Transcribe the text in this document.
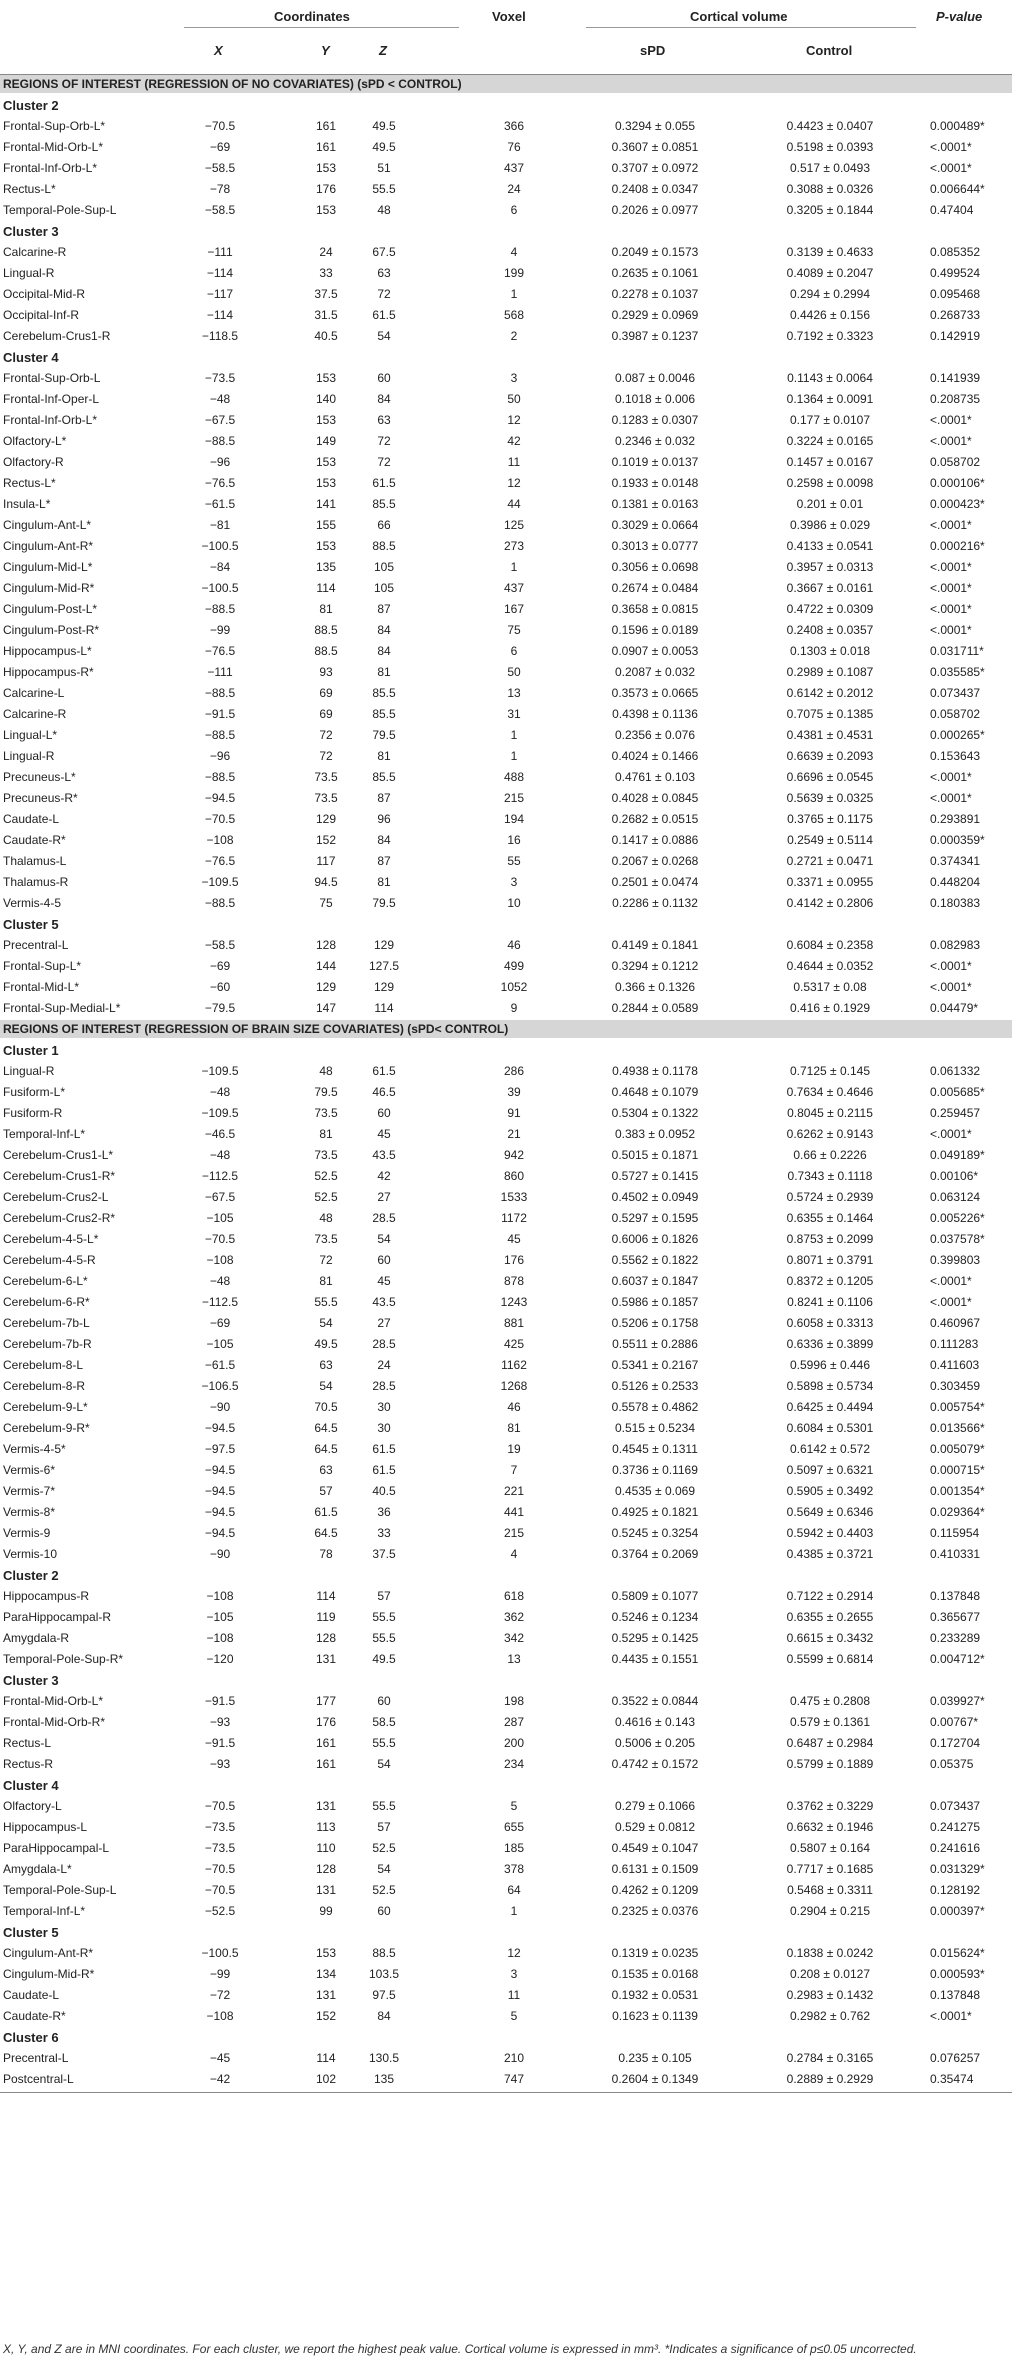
Coordinates	Voxel	Cortical volume	P-value
X	Y	Z	sPD	Control
REGIONS OF INTEREST (REGRESSION OF NO COVARIATES) (sPD < CONTROL)
Cluster 2
Frontal-Sup-Orb-L*	−70.5	161	49.5	366	0.3294 ± 0.055	0.4423 ± 0.0407	0.000489*
Frontal-Mid-Orb-L*	−69	161	49.5	76	0.3607 ± 0.0851	0.5198 ± 0.0393	<.0001*
Frontal-Inf-Orb-L*	−58.5	153	51	437	0.3707 ± 0.0972	0.517 ± 0.0493	<.0001*
Rectus-L*	−78	176	55.5	24	0.2408 ± 0.0347	0.3088 ± 0.0326	0.006644*
Temporal-Pole-Sup-L	−58.5	153	48	6	0.2026 ± 0.0977	0.3205 ± 0.1844	0.47404
Cluster 3
Calcarine-R	−111	24	67.5	4	0.2049 ± 0.1573	0.3139 ± 0.4633	0.085352
Lingual-R	−114	33	63	199	0.2635 ± 0.1061	0.4089 ± 0.2047	0.499524
Occipital-Mid-R	−117	37.5	72	1	0.2278 ± 0.1037	0.294 ± 0.2994	0.095468
Occipital-Inf-R	−114	31.5	61.5	568	0.2929 ± 0.0969	0.4426 ± 0.156	0.268733
Cerebelum-Crus1-R	−118.5	40.5	54	2	0.3987 ± 0.1237	0.7192 ± 0.3323	0.142919
Cluster 4
Frontal-Sup-Orb-L	−73.5	153	60	3	0.087 ± 0.0046	0.1143 ± 0.0064	0.141939
Frontal-Inf-Oper-L	−48	140	84	50	0.1018 ± 0.006	0.1364 ± 0.0091	0.208735
Frontal-Inf-Orb-L*	−67.5	153	63	12	0.1283 ± 0.0307	0.177 ± 0.0107	<.0001*
Olfactory-L*	−88.5	149	72	42	0.2346 ± 0.032	0.3224 ± 0.0165	<.0001*
Olfactory-R	−96	153	72	11	0.1019 ± 0.0137	0.1457 ± 0.0167	0.058702
Rectus-L*	−76.5	153	61.5	12	0.1933 ± 0.0148	0.2598 ± 0.0098	0.000106*
Insula-L*	−61.5	141	85.5	44	0.1381 ± 0.0163	0.201 ± 0.01	0.000423*
Cingulum-Ant-L*	−81	155	66	125	0.3029 ± 0.0664	0.3986 ± 0.029	<.0001*
Cingulum-Ant-R*	−100.5	153	88.5	273	0.3013 ± 0.0777	0.4133 ± 0.0541	0.000216*
Cingulum-Mid-L*	−84	135	105	1	0.3056 ± 0.0698	0.3957 ± 0.0313	<.0001*
Cingulum-Mid-R*	−100.5	114	105	437	0.2674 ± 0.0484	0.3667 ± 0.0161	<.0001*
Cingulum-Post-L*	−88.5	81	87	167	0.3658 ± 0.0815	0.4722 ± 0.0309	<.0001*
Cingulum-Post-R*	−99	88.5	84	75	0.1596 ± 0.0189	0.2408 ± 0.0357	<.0001*
Hippocampus-L*	−76.5	88.5	84	6	0.0907 ± 0.0053	0.1303 ± 0.018	0.031711*
Hippocampus-R*	−111	93	81	50	0.2087 ± 0.032	0.2989 ± 0.1087	0.035585*
Calcarine-L	−88.5	69	85.5	13	0.3573 ± 0.0665	0.6142 ± 0.2012	0.073437
Calcarine-R	−91.5	69	85.5	31	0.4398 ± 0.1136	0.7075 ± 0.1385	0.058702
Lingual-L*	−88.5	72	79.5	1	0.2356 ± 0.076	0.4381 ± 0.4531	0.000265*
Lingual-R	−96	72	81	1	0.4024 ± 0.1466	0.6639 ± 0.2093	0.153643
Precuneus-L*	−88.5	73.5	85.5	488	0.4761 ± 0.103	0.6696 ± 0.0545	<.0001*
Precuneus-R*	−94.5	73.5	87	215	0.4028 ± 0.0845	0.5639 ± 0.0325	<.0001*
Caudate-L	−70.5	129	96	194	0.2682 ± 0.0515	0.3765 ± 0.1175	0.293891
Caudate-R*	−108	152	84	16	0.1417 ± 0.0886	0.2549 ± 0.5114	0.000359*
Thalamus-L	−76.5	117	87	55	0.2067 ± 0.0268	0.2721 ± 0.0471	0.374341
Thalamus-R	−109.5	94.5	81	3	0.2501 ± 0.0474	0.3371 ± 0.0955	0.448204
Vermis-4-5	−88.5	75	79.5	10	0.2286 ± 0.1132	0.4142 ± 0.2806	0.180383
Cluster 5
Precentral-L	−58.5	128	129	46	0.4149 ± 0.1841	0.6084 ± 0.2358	0.082983
Frontal-Sup-L*	−69	144	127.5	499	0.3294 ± 0.1212	0.4644 ± 0.0352	<.0001*
Frontal-Mid-L*	−60	129	129	1052	0.366 ± 0.1326	0.5317 ± 0.08	<.0001*
Frontal-Sup-Medial-L*	−79.5	147	114	9	0.2844 ± 0.0589	0.416 ± 0.1929	0.04479*
REGIONS OF INTEREST (REGRESSION OF BRAIN SIZE COVARIATES) (sPD< CONTROL)
Cluster 1
Lingual-R	−109.5	48	61.5	286	0.4938 ± 0.1178	0.7125 ± 0.145	0.061332
Fusiform-L*	−48	79.5	46.5	39	0.4648 ± 0.1079	0.7634 ± 0.4646	0.005685*
Fusiform-R	−109.5	73.5	60	91	0.5304 ± 0.1322	0.8045 ± 0.2115	0.259457
Temporal-Inf-L*	−46.5	81	45	21	0.383 ± 0.0952	0.6262 ± 0.9143	<.0001*
Cerebelum-Crus1-L*	−48	73.5	43.5	942	0.5015 ± 0.1871	0.66 ± 0.2226	0.049189*
Cerebelum-Crus1-R*	−112.5	52.5	42	860	0.5727 ± 0.1415	0.7343 ± 0.1118	0.00106*
Cerebelum-Crus2-L	−67.5	52.5	27	1533	0.4502 ± 0.0949	0.5724 ± 0.2939	0.063124
Cerebelum-Crus2-R*	−105	48	28.5	1172	0.5297 ± 0.1595	0.6355 ± 0.1464	0.005226*
Cerebelum-4-5-L*	−70.5	73.5	54	45	0.6006 ± 0.1826	0.8753 ± 0.2099	0.037578*
Cerebelum-4-5-R	−108	72	60	176	0.5562 ± 0.1822	0.8071 ± 0.3791	0.399803
Cerebelum-6-L*	−48	81	45	878	0.6037 ± 0.1847	0.8372 ± 0.1205	<.0001*
Cerebelum-6-R*	−112.5	55.5	43.5	1243	0.5986 ± 0.1857	0.8241 ± 0.1106	<.0001*
Cerebelum-7b-L	−69	54	27	881	0.5206 ± 0.1758	0.6058 ± 0.3313	0.460967
Cerebelum-7b-R	−105	49.5	28.5	425	0.5511 ± 0.2886	0.6336 ± 0.3899	0.111283
Cerebelum-8-L	−61.5	63	24	1162	0.5341 ± 0.2167	0.5996 ± 0.446	0.411603
Cerebelum-8-R	−106.5	54	28.5	1268	0.5126 ± 0.2533	0.5898 ± 0.5734	0.303459
Cerebelum-9-L*	−90	70.5	30	46	0.5578 ± 0.4862	0.6425 ± 0.4494	0.005754*
Cerebelum-9-R*	−94.5	64.5	30	81	0.515 ± 0.5234	0.6084 ± 0.5301	0.013566*
Vermis-4-5*	−97.5	64.5	61.5	19	0.4545 ± 0.1311	0.6142 ± 0.572	0.005079*
Vermis-6*	−94.5	63	61.5	7	0.3736 ± 0.1169	0.5097 ± 0.6321	0.000715*
Vermis-7*	−94.5	57	40.5	221	0.4535 ± 0.069	0.5905 ± 0.3492	0.001354*
Vermis-8*	−94.5	61.5	36	441	0.4925 ± 0.1821	0.5649 ± 0.6346	0.029364*
Vermis-9	−94.5	64.5	33	215	0.5245 ± 0.3254	0.5942 ± 0.4403	0.115954
Vermis-10	−90	78	37.5	4	0.3764 ± 0.2069	0.4385 ± 0.3721	0.410331
Cluster 2
Hippocampus-R	−108	114	57	618	0.5809 ± 0.1077	0.7122 ± 0.2914	0.137848
ParaHippocampal-R	−105	119	55.5	362	0.5246 ± 0.1234	0.6355 ± 0.2655	0.365677
Amygdala-R	−108	128	55.5	342	0.5295 ± 0.1425	0.6615 ± 0.3432	0.233289
Temporal-Pole-Sup-R*	−120	131	49.5	13	0.4435 ± 0.1551	0.5599 ± 0.6814	0.004712*
Cluster 3
Frontal-Mid-Orb-L*	−91.5	177	60	198	0.3522 ± 0.0844	0.475 ± 0.2808	0.039927*
Frontal-Mid-Orb-R*	−93	176	58.5	287	0.4616 ± 0.143	0.579 ± 0.1361	0.00767*
Rectus-L	−91.5	161	55.5	200	0.5006 ± 0.205	0.6487 ± 0.2984	0.172704
Rectus-R	−93	161	54	234	0.4742 ± 0.1572	0.5799 ± 0.1889	0.05375
Cluster 4
Olfactory-L	−70.5	131	55.5	5	0.279 ± 0.1066	0.3762 ± 0.3229	0.073437
Hippocampus-L	−73.5	113	57	655	0.529 ± 0.0812	0.6632 ± 0.1946	0.241275
ParaHippocampal-L	−73.5	110	52.5	185	0.4549 ± 0.1047	0.5807 ± 0.164	0.241616
Amygdala-L*	−70.5	128	54	378	0.6131 ± 0.1509	0.7717 ± 0.1685	0.031329*
Temporal-Pole-Sup-L	−70.5	131	52.5	64	0.4262 ± 0.1209	0.5468 ± 0.3311	0.128192
Temporal-Inf-L*	−52.5	99	60	1	0.2325 ± 0.0376	0.2904 ± 0.215	0.000397*
Cluster 5
Cingulum-Ant-R*	−100.5	153	88.5	12	0.1319 ± 0.0235	0.1838 ± 0.0242	0.015624*
Cingulum-Mid-R*	−99	134	103.5	3	0.1535 ± 0.0168	0.208 ± 0.0127	0.000593*
Caudate-L	−72	131	97.5	11	0.1932 ± 0.0531	0.2983 ± 0.1432	0.137848
Caudate-R*	−108	152	84	5	0.1623 ± 0.1139	0.2982 ± 0.762	<.0001*
Cluster 6
Precentral-L	−45	114	130.5	210	0.235 ± 0.105	0.2784 ± 0.3165	0.076257
Postcentral-L	−42	102	135	747	0.2604 ± 0.1349	0.2889 ± 0.2929	0.35474
X, Y, and Z are in MNI coordinates. For each cluster, we report the highest peak value. Cortical volume is expressed in mm³. *Indicates a significance of p≤0.05 uncorrected.
